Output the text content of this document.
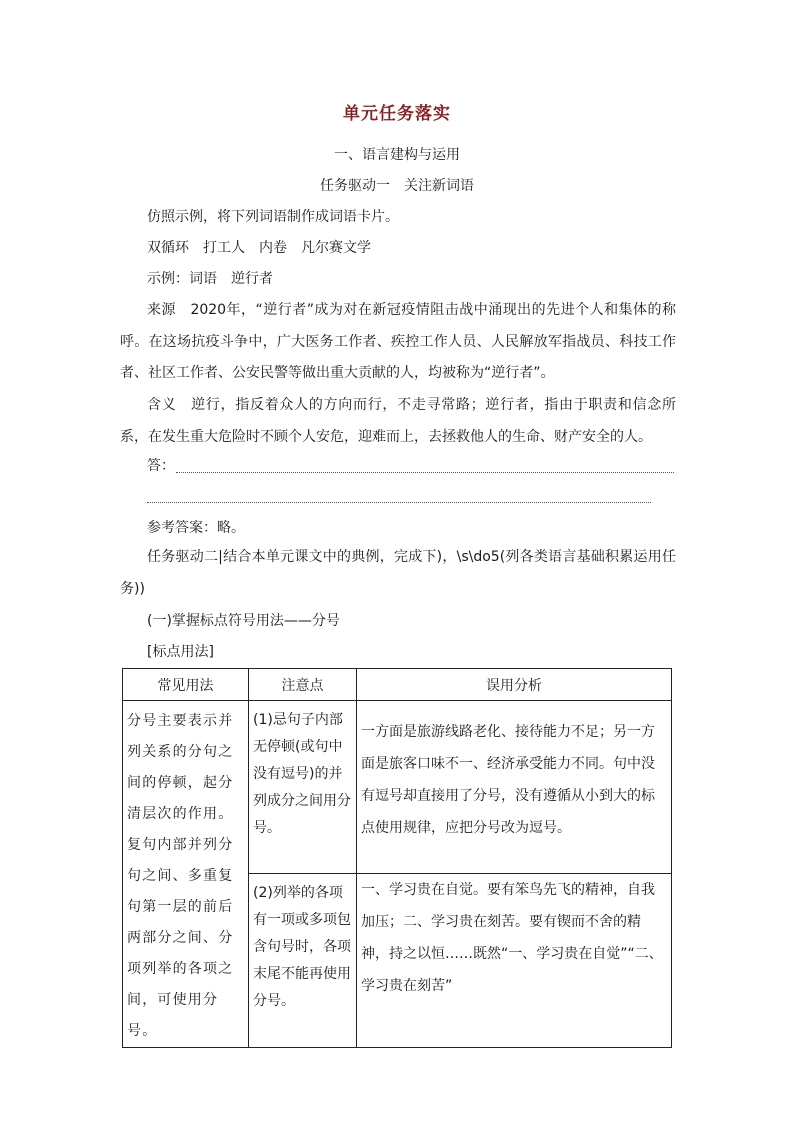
单元任务落实
一、语言建构与运用
任务驱动一　关注新词语
仿照示例，将下列词语制作成词语卡片。
双循环　打工人　内卷　凡尔赛文学
示例：词语　逆行者
来源　2020年，“逆行者”成为对在新冠疫情阻击战中涌现出的先进个人和集体的称呼。在这场抗疫斗争中，广大医务工作者、疾控工作人员、人民解放军指战员、科技工作者、社区工作者、公安民警等做出重大贡献的人，均被称为“逆行者”。
含义　逆行，指反着众人的方向而行，不走寻常路；逆行者，指由于职责和信念所系，在发生重大危险时不顾个人安危，迎难而上，去拯救他人的生命、财产安全的人。
答：
参考答案：略。
任务驱动二|结合本单元课文中的典例，完成下)，\s\do5(列各类语言基础积累运用任务))
(一)掌握标点符号用法——分号
[标点用法]
常见用法	注意点	误用分析
分号主要表示并列关系的分句之间的停顿，起分清层次的作用。复句内部并列分句之间、多重复句第一层的前后两部分之间、分项列举的各项之间，可使用分号。	(1)忌句子内部无停顿(或句中没有逗号)的并列成分之间用分号。	一方面是旅游线路老化、接待能力不足；另一方面是旅客口味不一、经济承受能力不同。句中没有逗号却直接用了分号，没有遵循从小到大的标点使用规律，应把分号改为逗号。
	(2)列举的各项有一项或多项包含句号时，各项末尾不能再使用分号。	一、学习贵在自觉。要有笨鸟先飞的精神，自我加压；二、学习贵在刻苦。要有锲而不舍的精神，持之以恒……既然“一、学习贵在自觉”“二、学习贵在刻苦”
